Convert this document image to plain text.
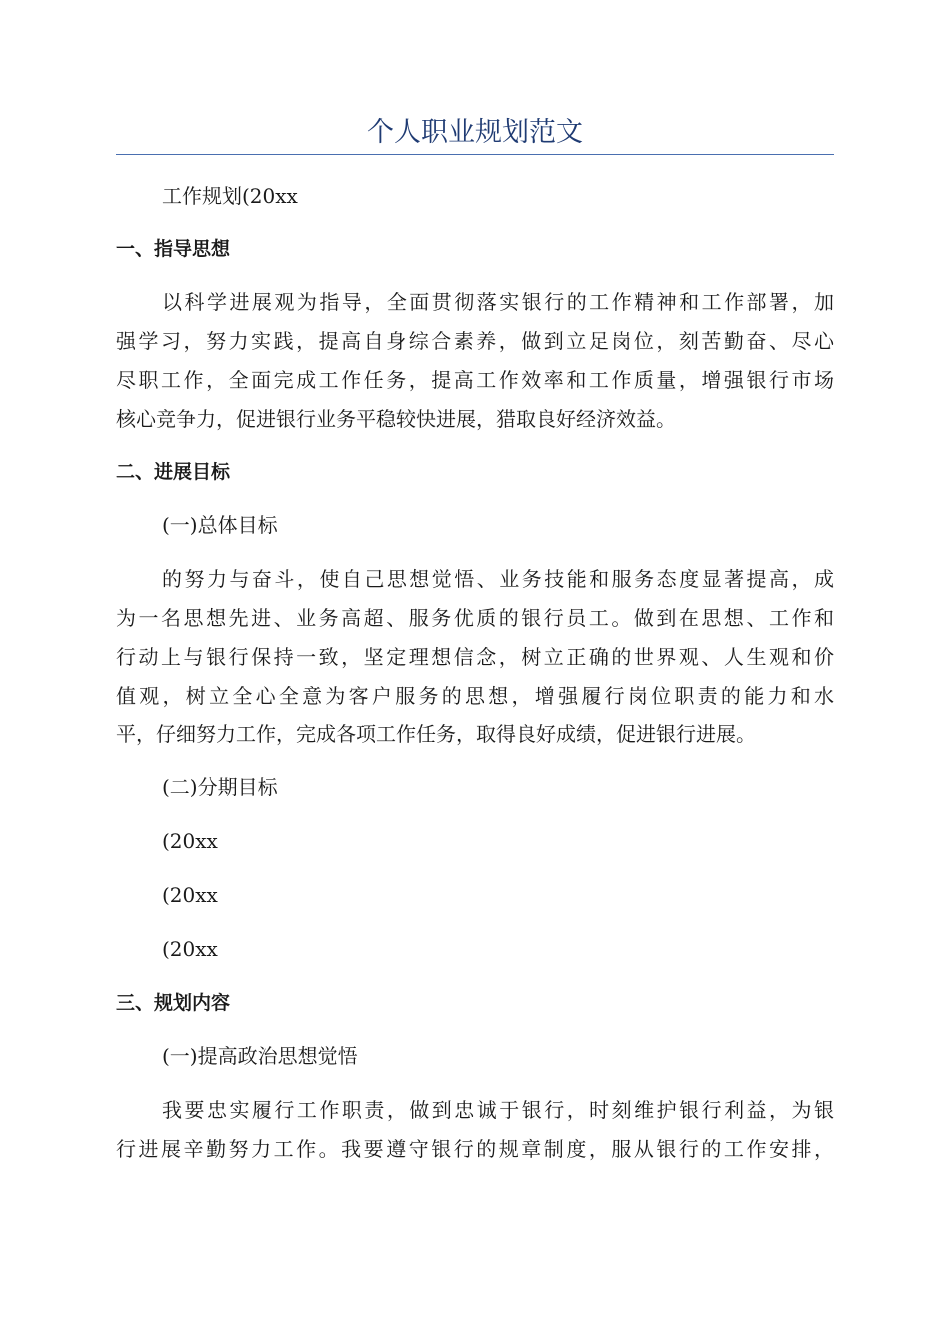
个人职业规划范文
工作规划(20xx
一、指导思想
以科学进展观为指导，全面贯彻落实银行的工作精神和工作部署，加
强学习，努力实践，提高自身综合素养，做到立足岗位，刻苦勤奋、尽心
尽职工作，全面完成工作任务，提高工作效率和工作质量，增强银行市场
核心竞争力，促进银行业务平稳较快进展，猎取良好经济效益。
二、进展目标
(一)总体目标
的努力与奋斗，使自己思想觉悟、业务技能和服务态度显著提高，成
为一名思想先进、业务高超、服务优质的银行员工。做到在思想、工作和
行动上与银行保持一致，坚定理想信念，树立正确的世界观、人生观和价
值观，树立全心全意为客户服务的思想，增强履行岗位职责的能力和水
平，仔细努力工作，完成各项工作任务，取得良好成绩，促进银行进展。
(二)分期目标
(20xx
(20xx
(20xx
三、规划内容
(一)提高政治思想觉悟
我要忠实履行工作职责，做到忠诚于银行，时刻维护银行利益，为银
行进展辛勤努力工作。我要遵守银行的规章制度，服从银行的工作安排，
